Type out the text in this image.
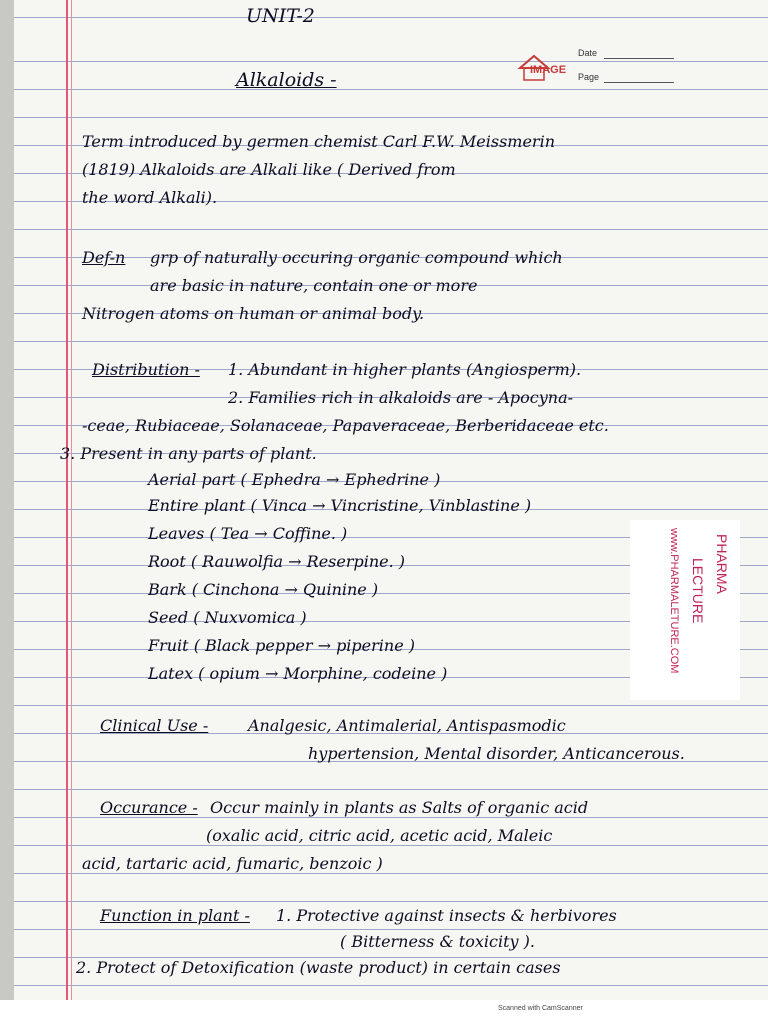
UNIT-2
Alkaloids -	IMAGE
Date
Page
Term introduced by germen chemist Carl F.W. Meissmerin
(1819) Alkaloids are Alkali like ( Derived from
the word Alkali).
Def-n grp of naturally occuring organic compound which
are basic in nature, contain one or more
Nitrogen atoms on human or animal body.
Distribution - 1. Abundant in higher plants (Angiosperm).
2. Families rich in alkaloids are - Apocyna-
-ceae, Rubiaceae, Solanaceae, Papaveraceae, Berberidaceae etc.
3. Present in any parts of plant.
Aerial part ( Ephedra → Ephedrine )
Entire plant ( Vinca → Vincristine, Vinblastine )
Leaves ( Tea → Coffine. )
Root ( Rauwolfia → Reserpine. )
Bark ( Cinchona → Quinine )
Seed ( Nuxvomica )
Fruit ( Black pepper → piperine )
Latex ( opium → Morphine, codeine )
Clinical Use - Analgesic, Antimalerial, Antispasmodic
hypertension, Mental disorder, Anticancerous.
Occurance - Occur mainly in plants as Salts of organic acid
(oxalic acid, citric acid, acetic acid, Maleic
acid, tartaric acid, fumaric, benzoic )
Function in plant - 1. Protective against insects & herbivores
( Bitterness & toxicity ).
2. Protect of Detoxification (waste product) in certain cases
PHARMA
LECTURE
www.PHARMALETURE.COM
Scanned with CamScanner
